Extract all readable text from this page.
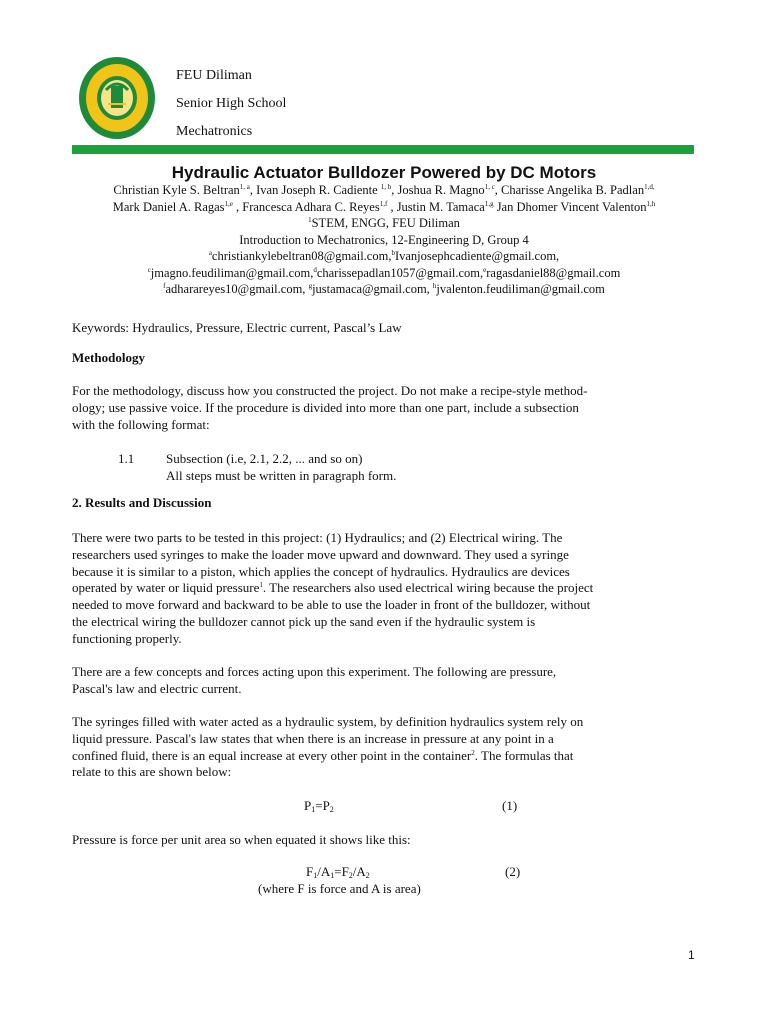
FEU Diliman
Senior High School
Mechatronics
Hydraulic Actuator Bulldozer Powered by DC Motors
Christian Kyle S. Beltran$^{1, a}$, Ivan Joseph R. Cadiente $^{1, b}$, Joshua R. Magno$^{1, c}$, Charisse Angelika B. Padlan$^{1,d,}$
Mark Daniel A. Ragas$^{1,e}$ , Francesca Adhara C. Reyes$^{1,f}$ , Justin M. Tamaca$^{1,g}$ Jan Dhomer Vincent Valenton$^{1,h}$
$^1$STEM, ENGG, FEU Diliman
Introduction to Mechatronics, 12-Engineering D, Group 4
$^a$christiankylebeltran08@gmail.com,$^b$Ivanjosephcadiente@gmail.com,
$^c$jmagno.feudiliman@gmail.com,$^d$charissepadlan1057@gmail.com,$^e$ragasdaniel88@gmail.com
$^f$adharareyes10@gmail.com, $^g$justamaca@gmail.com, $^h$jvalenton.feudiliman@gmail.com
Keywords: Hydraulics, Pressure, Electric current, Pascal’s Law
Methodology
For the methodology, discuss how you constructed the project. Do not make a recipe-style method-
ology; use passive voice. If the procedure is divided into more than one part, include a subsection
with the following format:
1.1 Subsection (i.e, 2.1, 2.2, ... and so on)
All steps must be written in paragraph form.
2. Results and Discussion
There were two parts to be tested in this project: (1) Hydraulics; and (2) Electrical wiring. The
researchers used syringes to make the loader move upward and downward. They used a syringe
because it is similar to a piston, which applies the concept of hydraulics. Hydraulics are devices
operated by water or liquid pressure$^1$. The researchers also used electrical wiring because the project
needed to move forward and backward to be able to use the loader in front of the bulldozer, without
the electrical wiring the bulldozer cannot pick up the sand even if the hydraulic system is
functioning properly.
There are a few concepts and forces acting upon this experiment. The following are pressure,
Pascal's law and electric current.
The syringes filled with water acted as a hydraulic system, by definition hydraulics system rely on
liquid pressure. Pascal's law states that when there is an increase in pressure at any point in a
confined fluid, there is an equal increase at every other point in the container$^2$. The formulas that
relate to this are shown below:
$P_1=P_2$	(1)
Pressure is force per unit area so when equated it shows like this:
$F_1/A_1=F_2/A_2$	(2)
(where F is force and A is area)
1
